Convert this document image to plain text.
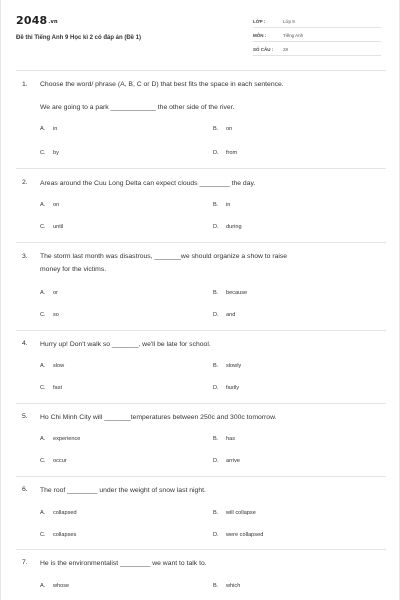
2048.vn
Đề thi Tiếng Anh 9 Học kì 2 có đáp án (Đề 1)
LỚP :	Lớp 9
MÔN :	Tiếng Anh
SỐ CÂU : 28
1. Choose the word/ phrase (A, B, C or D) that best fits the space in each sentence.
We are going to a park ____________ the other side of the river.
A. in	B. on
C. by	D. from
2. Areas around the Cuu Long Delta can expect clouds ________ the day.
A. on	B. in
C. until	D. during
3. The storm last month was disastrous, _______we should organize a show to raise
money for the victims.
A. or	B. because
C. so	D. and
4. Hurry up! Don't walk so _______, we'll be late for school.
A. slow	B. slowly
C. fast	D. fastly
5. Ho Chi Minh City will _______temperatures between 250c and 300c tomorrow.
A. experience	B. has
C. occur	D. arrive
6. The roof ________ under the weight of snow last night.
A. collapsed	B. will collapse
C. collapses	D. were collapsed
7. He is the environmentalist ________ we want to talk to.
A. whose	B. which
